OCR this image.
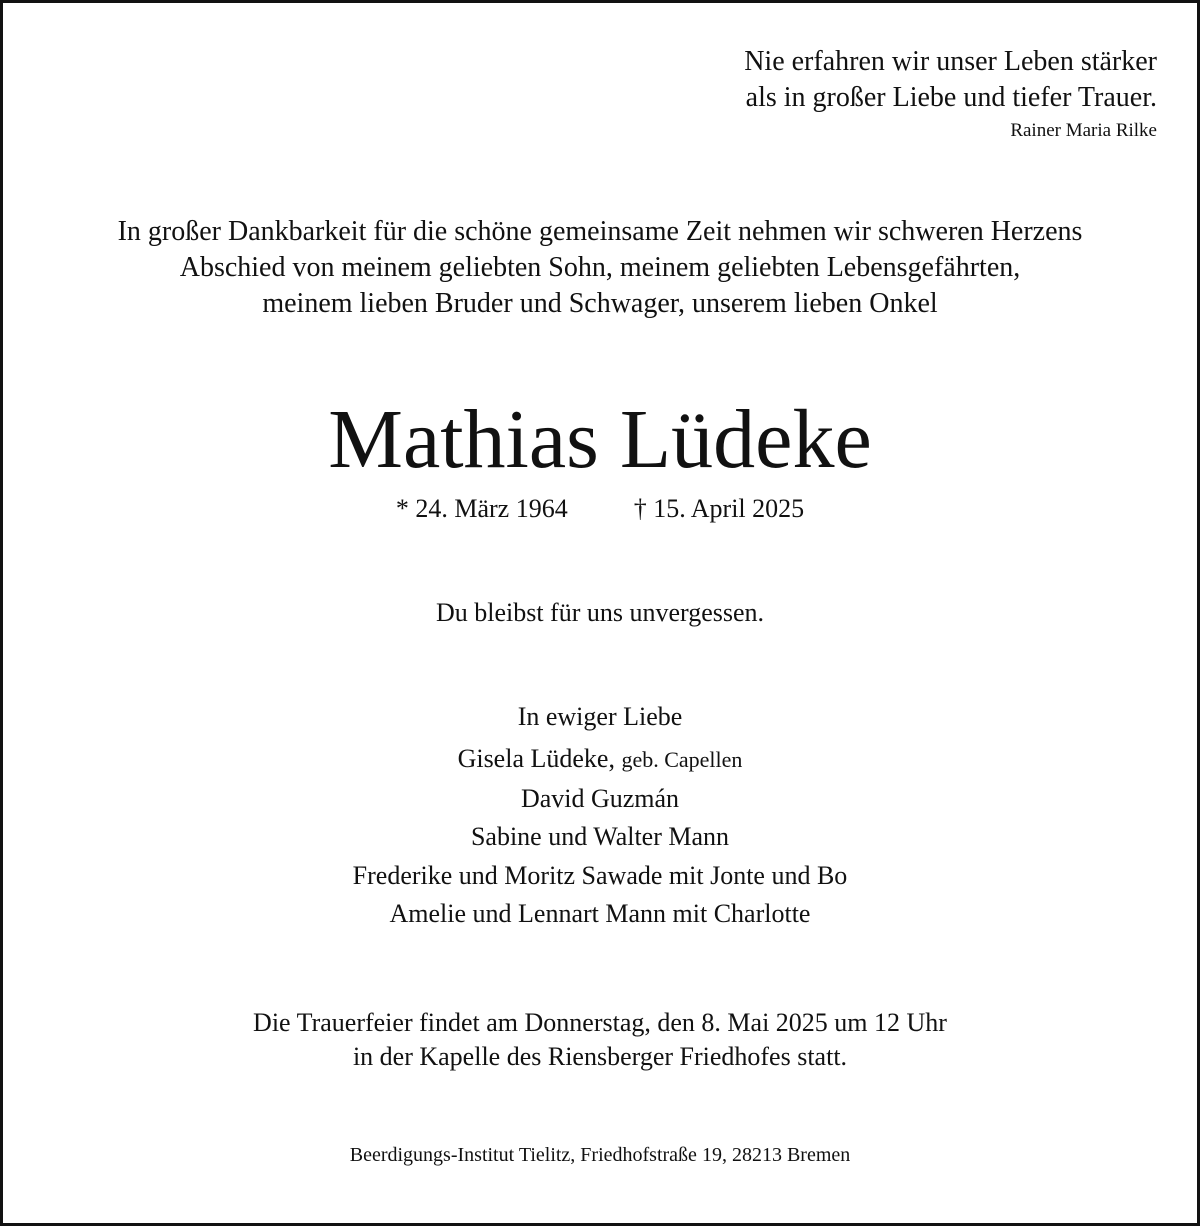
Nie erfahren wir unser Leben stärker
als in großer Liebe und tiefer Trauer.
Rainer Maria Rilke
In großer Dankbarkeit für die schöne gemeinsame Zeit nehmen wir schweren Herzens
Abschied von meinem geliebten Sohn, meinem geliebten Lebensgefährten,
meinem lieben Bruder und Schwager, unserem lieben Onkel
Mathias Lüdeke
* 24. März 1964	† 15. April 2025
Du bleibst für uns unvergessen.
In ewiger Liebe
Gisela Lüdeke, geb. Capellen
David Guzmán
Sabine und Walter Mann
Frederike und Moritz Sawade mit Jonte und Bo
Amelie und Lennart Mann mit Charlotte
Die Trauerfeier findet am Donnerstag, den 8. Mai 2025 um 12 Uhr
in der Kapelle des Riensberger Friedhofes statt.
Beerdigungs-Institut Tielitz, Friedhofstraße 19, 28213 Bremen
